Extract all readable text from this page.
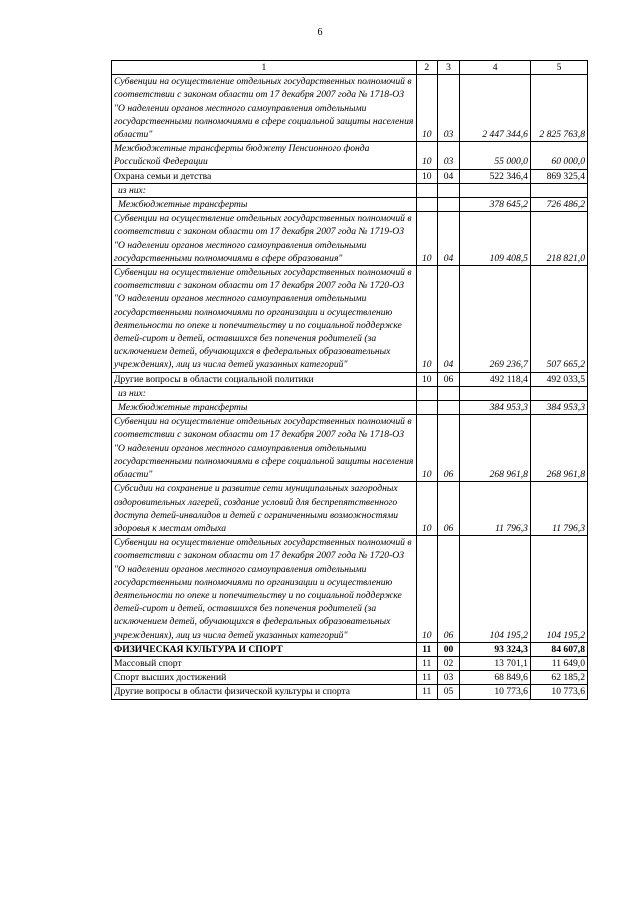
6
1	2	3	4	5
Субвенции на осуществление отдельных государственных полномочий в соответствии с законом области от 17 декабря 2007 года № 1718-ОЗ "О наделении органов местного самоуправления отдельными государственными полномочиями в сфере социальной защиты населения области"	10	03	2 447 344,6	2 825 763,8
Межбюджетные трансферты бюджету Пенсионного фонда Российской Федерации	10	03	55 000,0	60 000,0
Охрана семьи и детства	10	04	522 346,4	869 325,4
из них:				
Межбюджетные трансферты			378 645,2	726 486,2
Субвенции на осуществление отдельных государственных полномочий в соответствии с законом области от 17 декабря 2007 года № 1719-ОЗ "О наделении органов местного самоуправления отдельными государственными полномочиями в сфере образования"	10	04	109 408,5	218 821,0
Субвенции на осуществление отдельных государственных полномочий в соответствии с законом области от 17 декабря 2007 года № 1720-ОЗ "О наделении органов местного самоуправления отдельными государственными полномочиями по организации и осуществлению деятельности по опеке и попечительству и по социальной поддержке детей-сирот и детей, оставшихся без попечения родителей (за исключением детей, обучающихся в федеральных образовательных учреждениях), лиц из числа детей указанных категорий"	10	04	269 236,7	507 665,2
Другие вопросы в области социальной политики	10	06	492 118,4	492 033,5
из них:				
Межбюджетные трансферты			384 953,3	384 953,3
Субвенции на осуществление отдельных государственных полномочий в соответствии с законом области от 17 декабря 2007 года № 1718-ОЗ "О наделении органов местного самоуправления отдельными государственными полномочиями в сфере социальной защиты населения области"	10	06	268 961,8	268 961,8
Субсидии на сохранение и развитие сети муниципальных загородных оздоровительных лагерей, создание условий для беспрепятственного доступа детей-инвалидов и детей с ограниченными возможностями здоровья к местам отдыха	10	06	11 796,3	11 796,3
Субвенции на осуществление отдельных государственных полномочий в соответствии с законом области от 17 декабря 2007 года № 1720-ОЗ "О наделении органов местного самоуправления отдельными государственными полномочиями по организации и осуществлению деятельности по опеке и попечительству и по социальной поддержке детей-сирот и детей, оставшихся без попечения родителей (за исключением детей, обучающихся в федеральных образовательных учреждениях), лиц из числа детей указанных категорий"	10	06	104 195,2	104 195,2
ФИЗИЧЕСКАЯ КУЛЬТУРА И СПОРТ	11	00	93 324,3	84 607,8
Массовый спорт	11	02	13 701,1	11 649,0
Спорт высших достижений	11	03	68 849,6	62 185,2
Другие вопросы в области физической культуры и спорта	11	05	10 773,6	10 773,6
